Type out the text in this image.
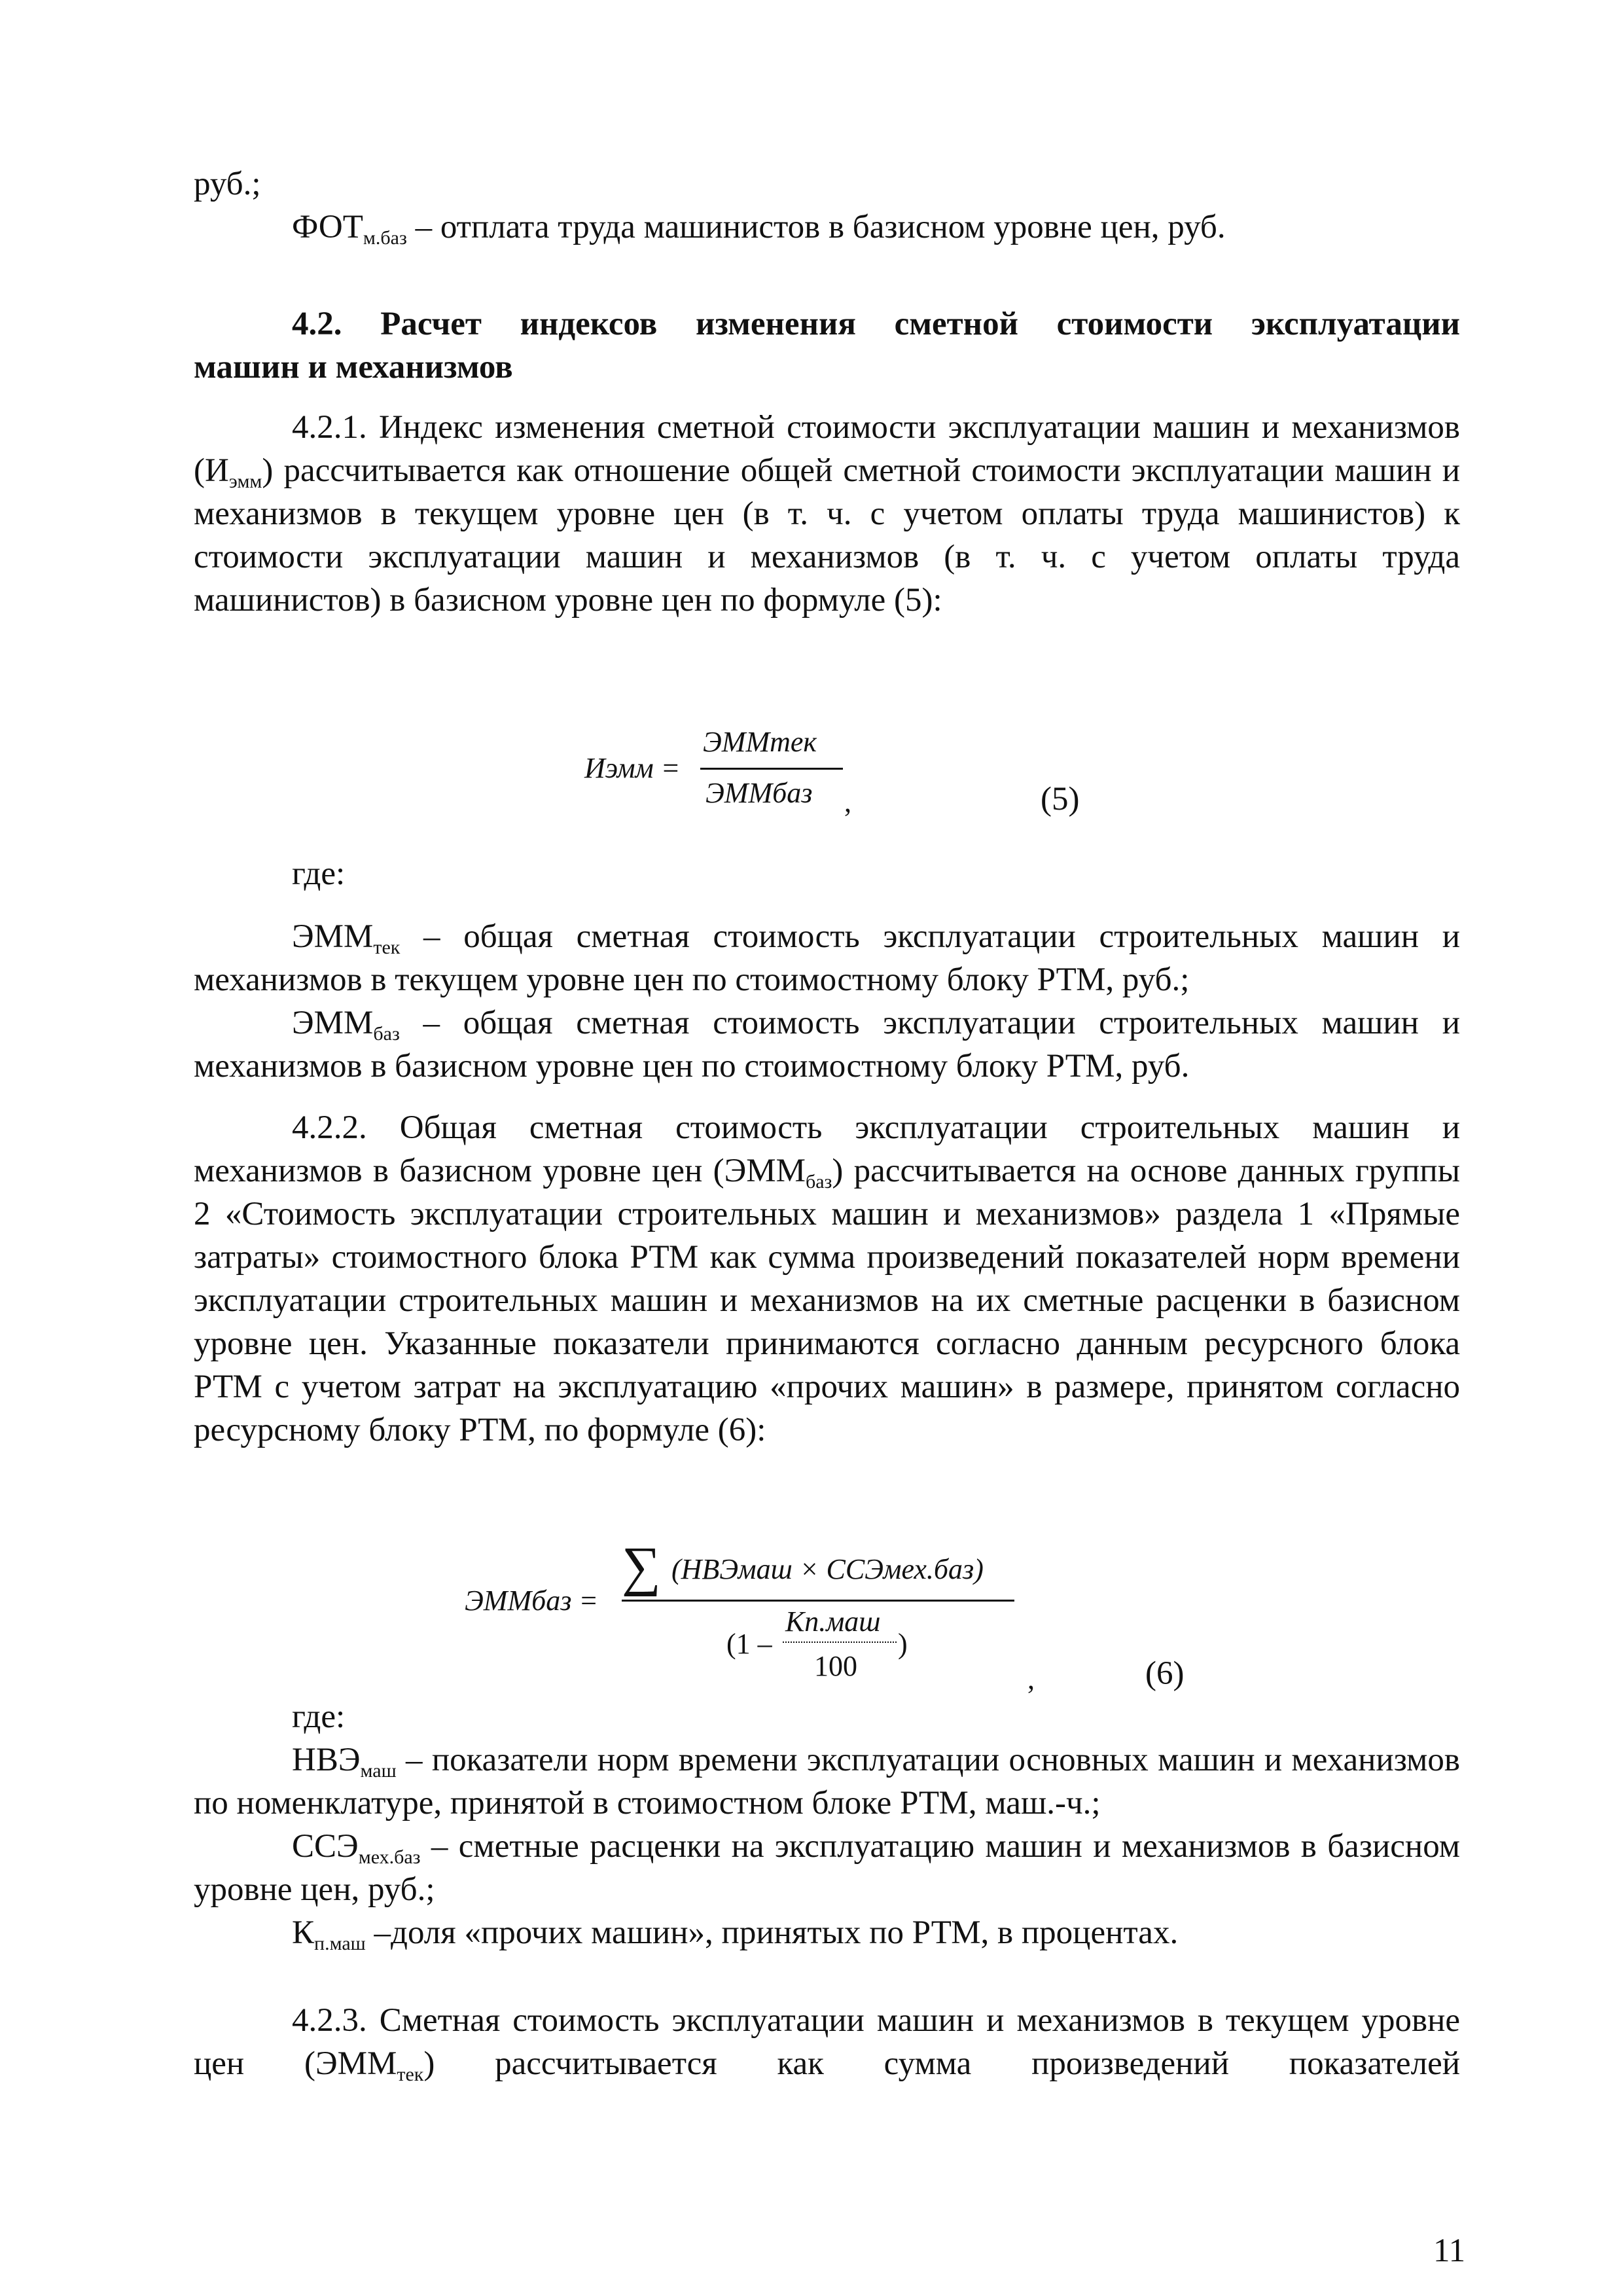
руб.;

$ФОТ_{м.баз}$ – отплата труда машинистов в базисном уровне цен, руб.

4.2. Расчет индексов изменения сметной стоимости эксплуатации
машин и механизмов

4.2.1. Индекс изменения сметной стоимости эксплуатации машин и механизмов $(И_{эмм})$ рассчитывается как отношение общей сметной стоимости эксплуатации машин и механизмов в текущем уровне цен (в т. ч. с учетом оплаты труда машинистов) к стоимости эксплуатации машин и механизмов (в т. ч. с учетом оплаты труда машинистов) в базисном уровне цен по формуле (5):

Иэмм =
ЭММтек
ЭММбаз ,	(5)

где:

$ЭММ_{тек}$ – общая сметная стоимость эксплуатации строительных машин и механизмов в текущем уровне цен по стоимостному блоку РТМ, руб.;

$ЭММ_{баз}$ – общая сметная стоимость эксплуатации строительных машин и механизмов в базисном уровне цен по стоимостному блоку РТМ, руб.

4.2.2. Общая сметная стоимость эксплуатации строительных машин и механизмов в базисном уровне цен $(ЭММ_{баз})$ рассчитывается на основе данных группы 2 «Стоимость эксплуатации строительных машин и механизмов» раздела 1 «Прямые затраты» стоимостного блока РТМ как сумма произведений показателей норм времени эксплуатации строительных машин и механизмов на их сметные расценки в базисном уровне цен. Указанные показатели принимаются согласно данным ресурсного блока РТМ с учетом затрат на эксплуатацию «прочих машин» в размере, принятом согласно ресурсному блоку РТМ, по формуле (6):

ЭММбаз =
∑ (НВЭмаш × ССЭмех.баз)
(1 –
Кп.маш
100
)
,	(6)

где:

$НВЭ_{маш}$ – показатели норм времени эксплуатации основных машин и механизмов по номенклатуре, принятой в стоимостном блоке РТМ, маш.-ч.;

$ССЭ_{мех.баз}$ – сметные расценки на эксплуатацию машин и механизмов в базисном уровне цен, руб.;

$К_{п.маш}$ –доля «прочих машин», принятых по РТМ, в процентах.

4.2.3. Сметная стоимость эксплуатации машин и механизмов в текущем уровне цен $(ЭММ_{тек})$ рассчитывается как сумма произведений показателей

11
